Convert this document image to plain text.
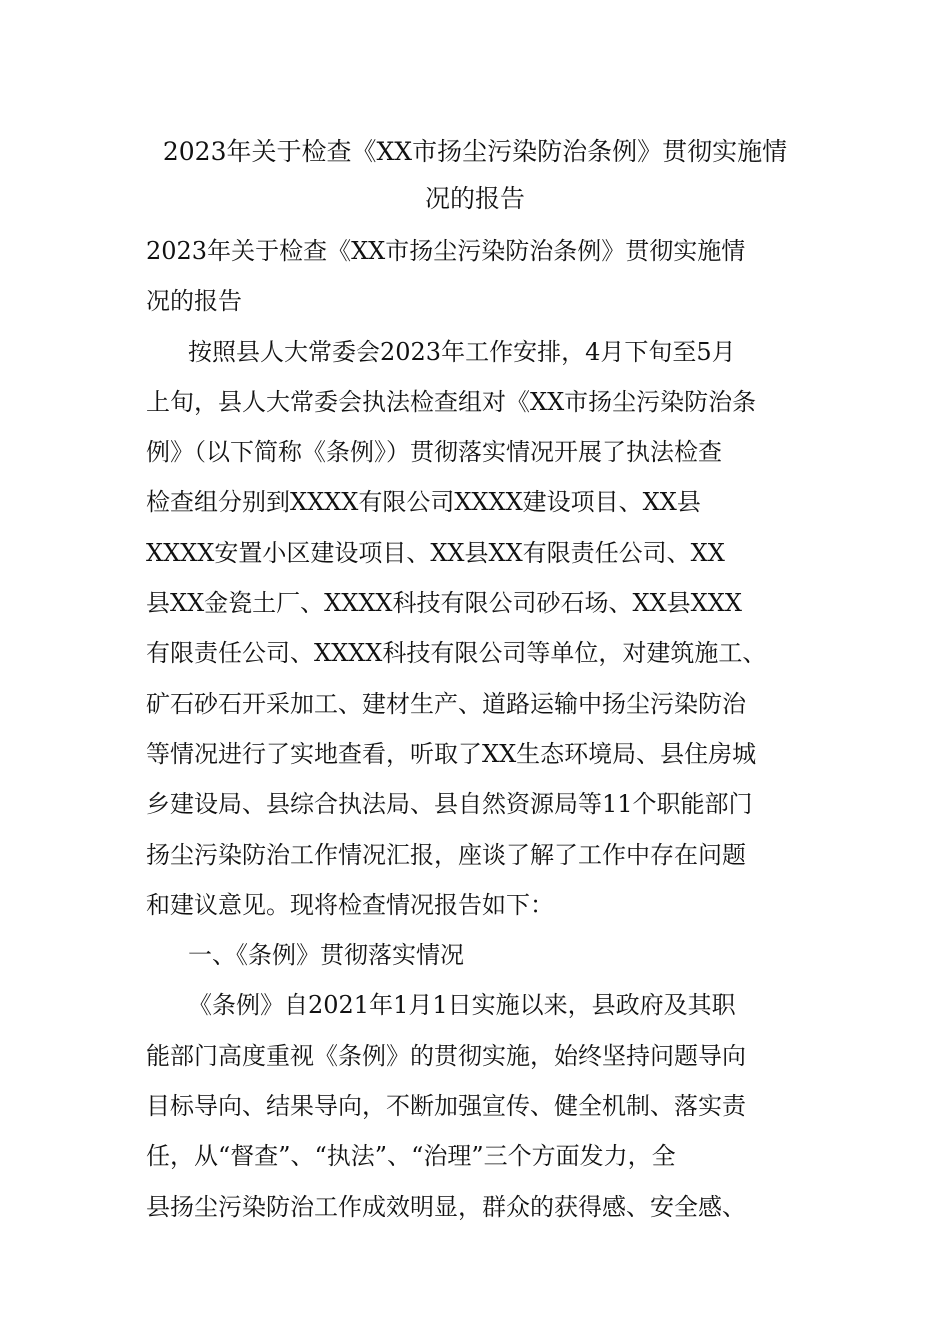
2023年关于检查《XX市扬尘污染防治条例》贯彻实施情
况的报告
2023年关于检查《XX市扬尘污染防治条例》贯彻实施情
况的报告
按照县人大常委会2023年工作安排，4月下旬至5月
上旬，县人大常委会执法检查组对《XX市扬尘污染防治条
例》（以下简称《条例》）贯彻落实情况开展了执法检查
检查组分别到XXXX有限公司XXXX建设项目、XX县
XXXX安置小区建设项目、XX县XX有限责任公司、XX
县XX金瓷土厂、XXXX科技有限公司砂石场、XX县XXX
有限责任公司、XXXX科技有限公司等单位，对建筑施工、
矿石砂石开采加工、建材生产、道路运输中扬尘污染防治
等情况进行了实地查看，听取了XX生态环境局、县住房城
乡建设局、县综合执法局、县自然资源局等11个职能部门
扬尘污染防治工作情况汇报，座谈了解了工作中存在问题
和建议意见。现将检查情况报告如下：
一、《条例》贯彻落实情况
《条例》自2021年1月1日实施以来，县政府及其职
能部门高度重视《条例》的贯彻实施，始终坚持问题导向
目标导向、结果导向，不断加强宣传、健全机制、落实责
任，从“督查”、“执法”、“治理”三个方面发力，全
县扬尘污染防治工作成效明显，群众的获得感、安全感、
